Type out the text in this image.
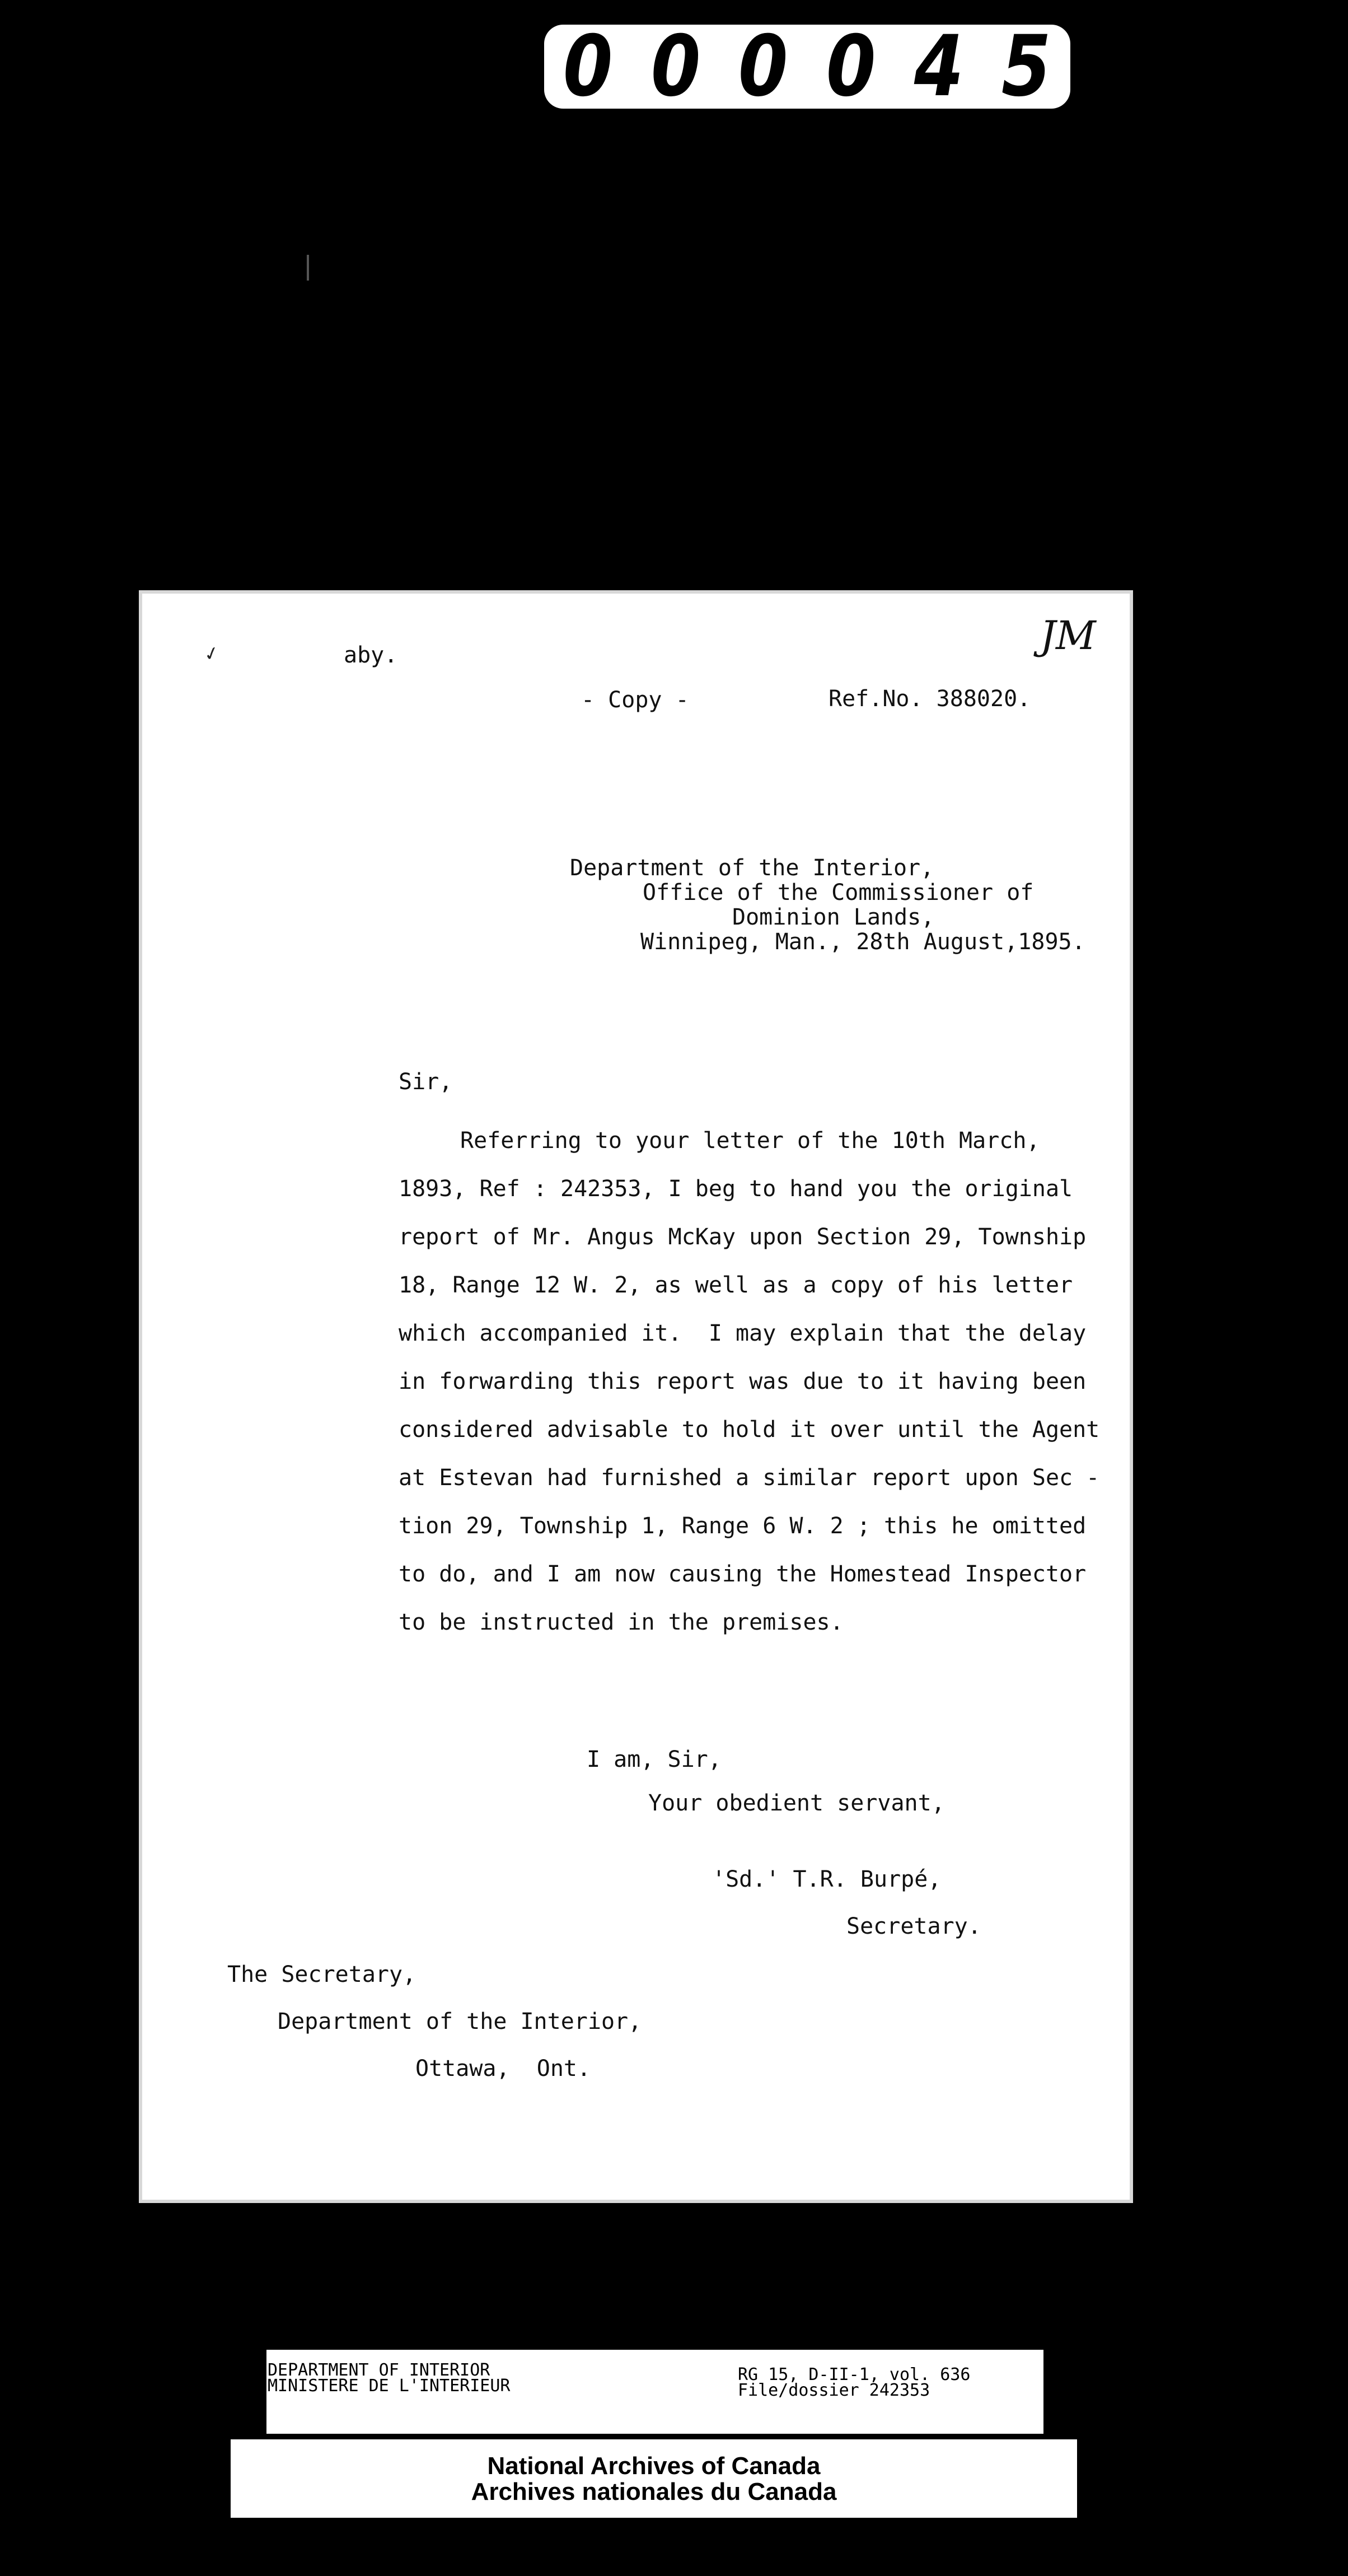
0 0 0 0 4 5
✓	aby.	JM
- Copy -	Ref.No. 388020.
Department of the Interior,
Office of the Commissioner of
Dominion Lands,
Winnipeg, Man., 28th August,1895.
Sir,
Referring to your letter of the 10th March,
1893, Ref : 242353, I beg to hand you the original
report of Mr. Angus McKay upon Section 29, Township
18, Range 12 W. 2, as well as a copy of his letter
which accompanied it.  I may explain that the delay
in forwarding this report was due to it having been
considered advisable to hold it over until the Agent
at Estevan had furnished a similar report upon Sec -
tion 29, Township 1, Range 6 W. 2 ; this he omitted
to do, and I am now causing the Homestead Inspector
to be instructed in the premises.
I am, Sir,
Your obedient servant,
'Sd.' T.R. Burpé,
Secretary.
The Secretary,
Department of the Interior,
Ottawa,  Ont.
DEPARTMENT OF INTERIOR
MINISTERE DE L'INTERIEUR
RG 15, D-II-1, vol. 636
File/dossier 242353
National Archives of Canada
Archives nationales du Canada
